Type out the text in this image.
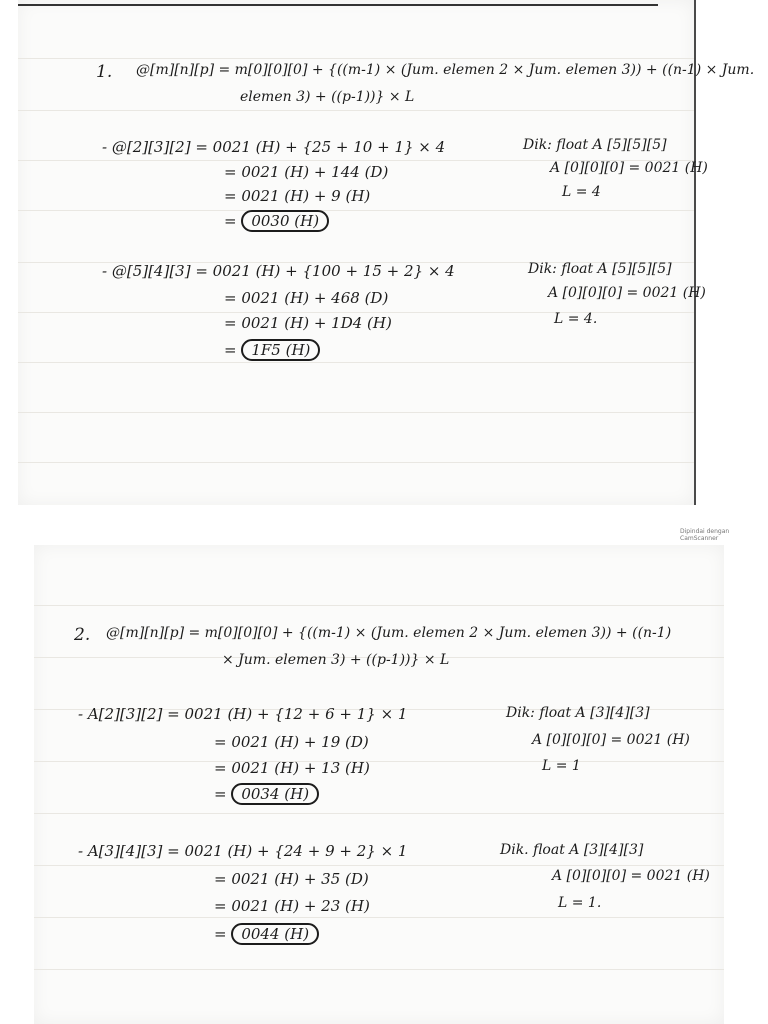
1. @[m][n][p] = m[0][0][0] + {((m-1) × (Jum. elemen 2 × Jum. elemen 3)) + ((n-1) × Jum.
elemen 3) + ((p-1))} × L
- @[2][3][2] = 0021 (H) + {25 + 10 + 1} × 4
= 0021 (H) + 144 (D)
= 0021 (H) + 9 (H)
= 0030 (H)
Dik: float A [5][5][5]
A [0][0][0] = 0021 (H)
L = 4
- @[5][4][3] = 0021 (H) + {100 + 15 + 2} × 4
= 0021 (H) + 468 (D)
= 0021 (H) + 1D4 (H)
= 1F5 (H)
Dik: float A [5][5][5]
A [0][0][0] = 0021 (H)
L = 4.
Dipindai dengan CamScanner
2. @[m][n][p] = m[0][0][0] + {((m-1) × (Jum. elemen 2 × Jum. elemen 3)) + ((n-1)
× Jum. elemen 3) + ((p-1))} × L
- A[2][3][2] = 0021 (H) + {12 + 6 + 1} × 1
= 0021 (H) + 19 (D)
= 0021 (H) + 13 (H)
= 0034 (H)
Dik: float A [3][4][3]
A [0][0][0] = 0021 (H)
L = 1
- A[3][4][3] = 0021 (H) + {24 + 9 + 2} × 1
= 0021 (H) + 35 (D)
= 0021 (H) + 23 (H)
= 0044 (H)
Dik. float A [3][4][3]
A [0][0][0] = 0021 (H)
L = 1.
